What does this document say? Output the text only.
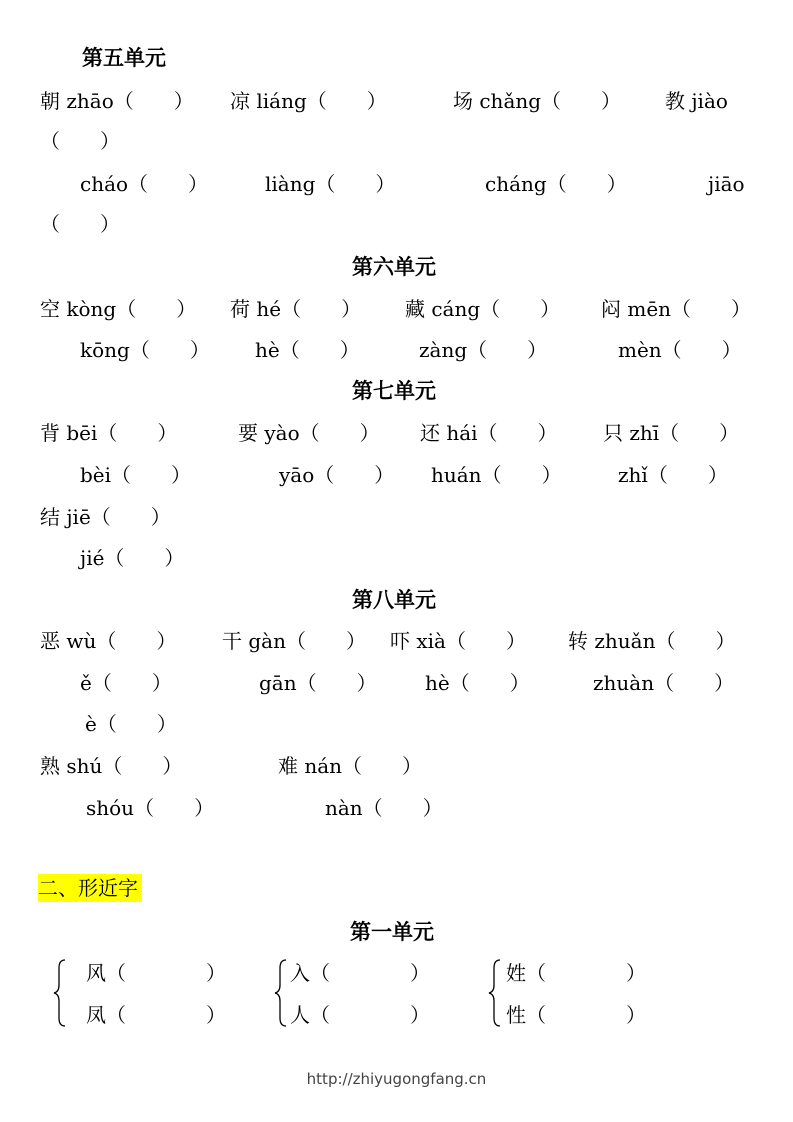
第五单元
朝 zhāo（　　） 凉 liáng（　　）	场 chǎng（　　） 教 jiào
（　　）
cháo（　　）	liàng（　　）	cháng（　　）	jiāo
（　　）
第六单元
空 kòng（　　） 荷 hé（　　） 藏 cáng（　　） 闷 mēn（　　）
kōng（　　） hè（　　）	zàng（　　）	mèn（　　）
第七单元
背 bēi（　　）	要 yào（　　） 还 hái（　　） 只 zhī（　　）
bèi（　　）	yāo（　　） huán（　　）	zhǐ（　　）
结 jiē（　　）
jié（　　）
第八单元
恶 wù（　　） 干 gàn（　　） 吓 xià（　　） 转 zhuǎn（　　）
ě（　　）	gān（　　） hè（　　）	zhuàn（　　）
è（　　）
熟 shú（　　）	难 nán（　　）
shóu（　　）	nàn（　　）
二、形近字
第一单元
风（　　　　）
凤（　　　　）
入（　　　　）
人（　　　　）
姓（　　　　）
性（　　　　）
http://zhiyugongfang.cn
